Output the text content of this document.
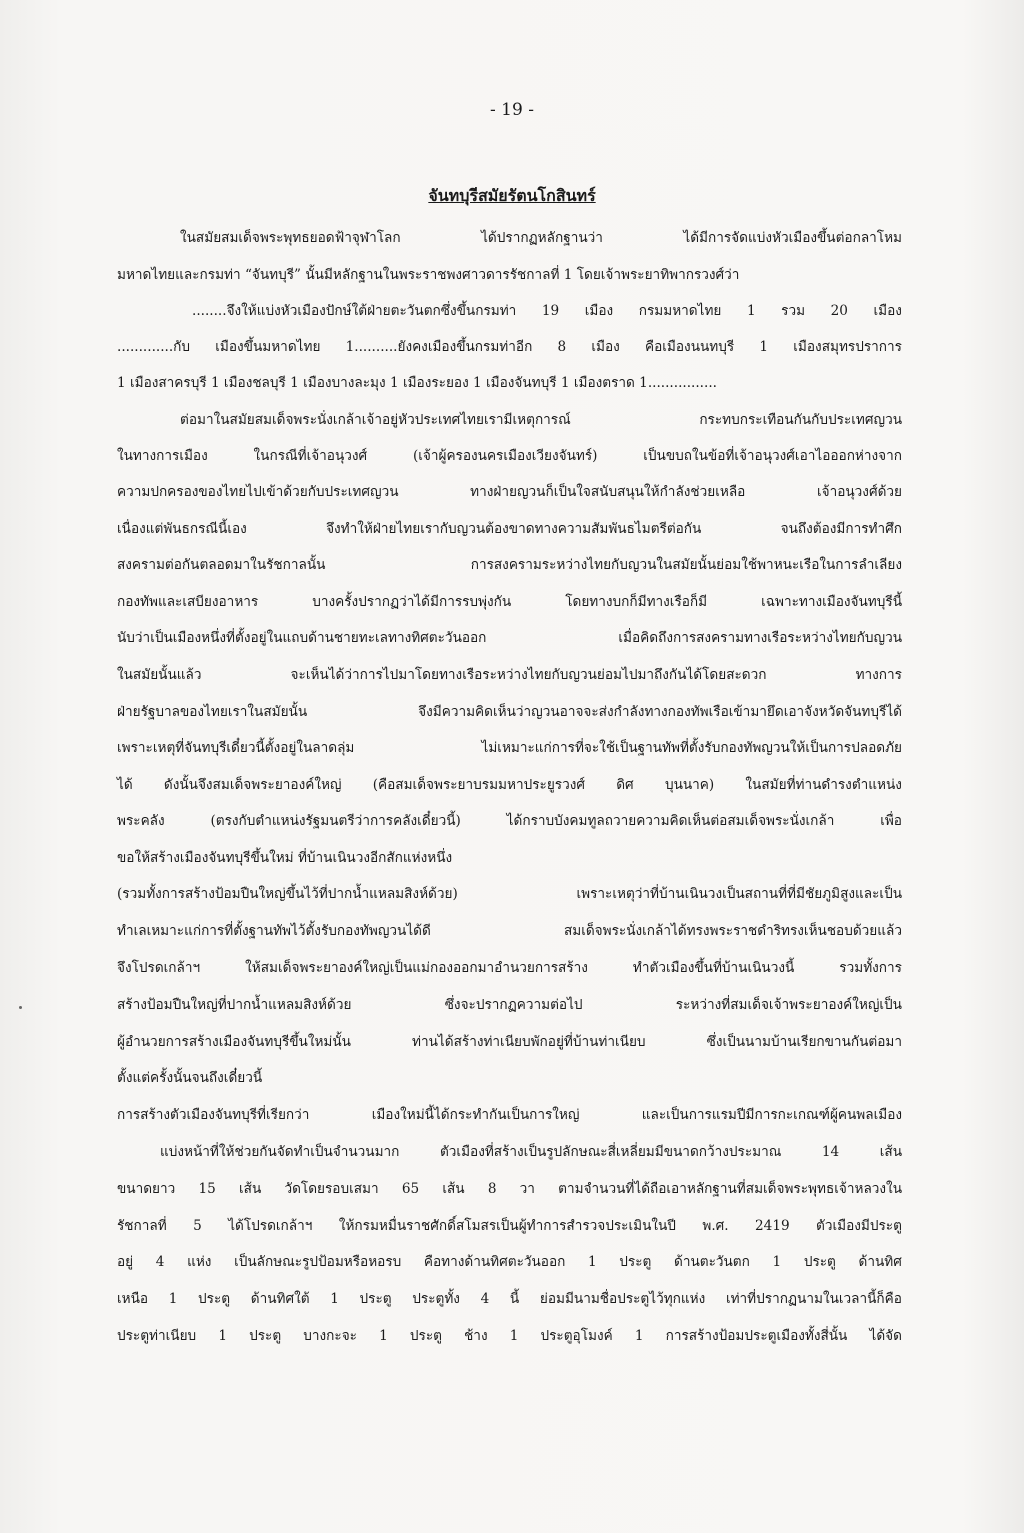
- 19 -
จันทบุรีสมัยรัตนโกสินทร์
ในสมัยสมเด็จพระพุทธยอดฟ้าจุฬาโลก	ได้ปรากฏหลักฐานว่า	ได้มีการจัดแบ่งหัวเมืองขึ้นต่อกลาโหม
มหาดไทยและกรมท่า “จันทบุรี” นั้นมีหลักฐานในพระราชพงศาวดารรัชกาลที่ 1 โดยเจ้าพระยาทิพากรวงศ์ว่า
........จึงให้แบ่งหัวเมืองปักษ์ใต้ฝ่ายตะวันตกซึ่งขึ้นกรมท่า 19 เมือง กรมมหาดไทย 1 รวม 20 เมือง
.............กับ เมืองขึ้นมหาดไทย 1..........ยังคงเมืองขึ้นกรมท่าอีก 8 เมือง คือเมืองนนทบุรี 1 เมืองสมุทรปราการ
1 เมืองสาครบุรี 1 เมืองชลบุรี 1 เมืองบางละมุง 1 เมืองระยอง 1 เมืองจันทบุรี 1 เมืองตราด 1................
ต่อมาในสมัยสมเด็จพระนั่งเกล้าเจ้าอยู่หัวประเทศไทยเรามีเหตุการณ์	กระทบกระเทือนกันกับประเทศญวน
ในทางการเมือง	ในกรณีที่เจ้าอนุวงศ์	(เจ้าผู้ครองนครเมืองเวียงจันทร์)	เป็นขบถในข้อที่เจ้าอนุวงศ์เอาไอออกห่างจาก
ความปกครองของไทยไปเข้าด้วยกับประเทศญวน	ทางฝ่ายญวนก็เป็นใจสนับสนุนให้กำลังช่วยเหลือ	เจ้าอนุวงศ์ด้วย
เนื่องแต่พันธกรณีนี้เอง	จึงทำให้ฝ่ายไทยเรากับญวนต้องขาดทางความสัมพันธไมตรีต่อกัน	จนถึงต้องมีการทำศึก
สงครามต่อกันตลอดมาในรัชกาลนั้น	การสงครามระหว่างไทยกับญวนในสมัยนั้นย่อมใช้พาหนะเรือในการลำเลียง
กองทัพและเสบียงอาหาร	บางครั้งปรากฏว่าได้มีการรบพุ่งกัน	โดยทางบกก็มีทางเรือก็มี	เฉพาะทางเมืองจันทบุรีนี้
นับว่าเป็นเมืองหนึ่งที่ตั้งอยู่ในแถบด้านชายทะเลทางทิศตะวันออก	เมื่อคิดถึงการสงครามทางเรือระหว่างไทยกับญวน
ในสมัยนั้นแล้ว	จะเห็นได้ว่าการไปมาโดยทางเรือระหว่างไทยกับญวนย่อมไปมาถึงกันได้โดยสะดวก	ทางการ
ฝ่ายรัฐบาลของไทยเราในสมัยนั้น	จึงมีความคิดเห็นว่าญวนอาจจะส่งกำลังทางกองทัพเรือเข้ามายึดเอาจังหวัดจันทบุรีได้
เพราะเหตุที่จันทบุรีเดี๋ยวนี้ตั้งอยู่ในลาดลุ่ม	ไม่เหมาะแก่การที่จะใช้เป็นฐานทัพที่ตั้งรับกองทัพญวนให้เป็นการปลอดภัย
ได้ ดังนั้นจึงสมเด็จพระยาองค์ใหญ่ (คือสมเด็จพระยาบรมมหาประยูรวงศ์ ดิศ บุนนาค) ในสมัยที่ท่านดำรงตำแหน่ง
พระคลัง	(ตรงกับตำแหน่งรัฐมนตรีว่าการคลังเดี๋ยวนี้)	ได้กราบบังคมทูลถวายความคิดเห็นต่อสมเด็จพระนั่งเกล้า	เพื่อ
ขอให้สร้างเมืองจันทบุรีขึ้นใหม่ ที่บ้านเนินวงอีกสักแห่งหนึ่ง
(รวมทั้งการสร้างป้อมปืนใหญ่ขึ้นไว้ที่ปากน้ำแหลมสิงห์ด้วย)	เพราะเหตุว่าที่บ้านเนินวงเป็นสถานที่ที่มีชัยภูมิสูงและเป็น
ทำเลเหมาะแก่การที่ตั้งฐานทัพไว้ตั้งรับกองทัพญวนได้ดี	สมเด็จพระนั่งเกล้าได้ทรงพระราชดำริทรงเห็นชอบด้วยแล้ว
จึงโปรดเกล้าฯ	ให้สมเด็จพระยาองค์ใหญ่เป็นแม่กองออกมาอำนวยการสร้าง	ทำตัวเมืองขึ้นที่บ้านเนินวงนี้	รวมทั้งการ
สร้างป้อมปืนใหญ่ที่ปากน้ำแหลมสิงห์ด้วย	ซึ่งจะปรากฏความต่อไป	ระหว่างที่สมเด็จเจ้าพระยาองค์ใหญ่เป็น
ผู้อำนวยการสร้างเมืองจันทบุรีขึ้นใหม่นั้น	ท่านได้สร้างท่าเนียบพักอยู่ที่บ้านท่าเนียบ	ซึ่งเป็นนามบ้านเรียกขานกันต่อมา
ตั้งแต่ครั้งนั้นจนถึงเดี๋ยวนี้
การสร้างตัวเมืองจันทบุรีที่เรียกว่า	เมืองใหม่นี้ได้กระทำกันเป็นการใหญ่	และเป็นการแรมปีมีการกะเกณฑ์ผู้คนพลเมือง
แบ่งหน้าที่ให้ช่วยกันจัดทำเป็นจำนวนมาก	ตัวเมืองที่สร้างเป็นรูปลักษณะสี่เหลี่ยมมีขนาดกว้างประมาณ	14	เส้น
ขนาดยาว 15 เส้น วัดโดยรอบเสมา 65 เส้น 8 วา ตามจำนวนที่ได้ถือเอาหลักฐานที่สมเด็จพระพุทธเจ้าหลวงใน
รัชกาลที่ 5 ได้โปรดเกล้าฯ ให้กรมหมื่นราชศักดิ์สโมสรเป็นผู้ทำการสำรวจประเมินในปี พ.ศ. 2419 ตัวเมืองมีประตู
อยู่ 4 แห่ง เป็นลักษณะรูปป้อมหรือหอรบ คือทางด้านทิศตะวันออก 1 ประตู ด้านตะวันตก 1 ประตู ด้านทิศ
เหนือ 1 ประตู ด้านทิศใต้ 1 ประตู ประตูทั้ง 4 นี้ ย่อมมีนามชื่อประตูไว้ทุกแห่ง เท่าที่ปรากฏนามในเวลานี้ก็คือ
ประตูท่าเนียบ 1 ประตู บางกะจะ 1 ประตู ช้าง 1 ประตูอุโมงค์ 1 การสร้างป้อมประตูเมืองทั้งสี่นั้น ได้จัด
